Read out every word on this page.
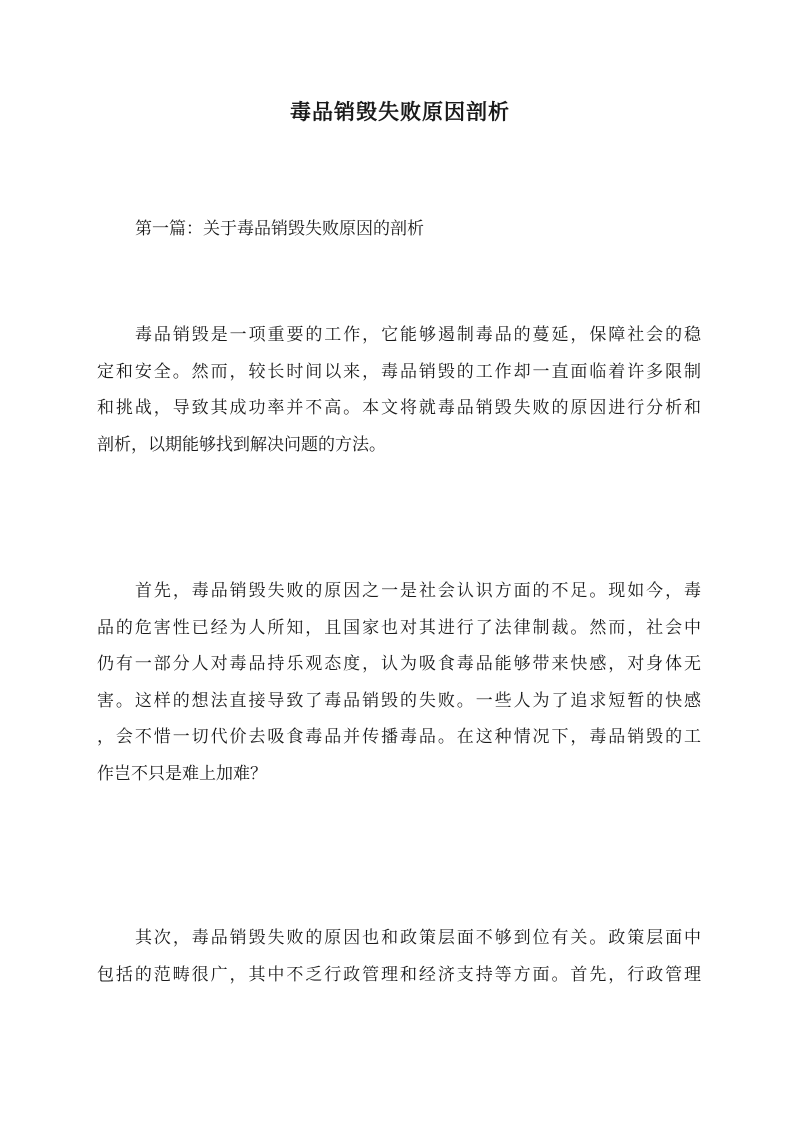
毒品销毁失败原因剖析
第一篇：关于毒品销毁失败原因的剖析
毒品销毁是一项重要的工作，它能够遏制毒品的蔓延，保障社会的稳
定和安全。然而，较长时间以来，毒品销毁的工作却一直面临着许多限制
和挑战，导致其成功率并不高。本文将就毒品销毁失败的原因进行分析和
剖析，以期能够找到解决问题的方法。
首先，毒品销毁失败的原因之一是社会认识方面的不足。现如今，毒
品的危害性已经为人所知，且国家也对其进行了法律制裁。然而，社会中
仍有一部分人对毒品持乐观态度，认为吸食毒品能够带来快感，对身体无
害。这样的想法直接导致了毒品销毁的失败。一些人为了追求短暂的快感
，会不惜一切代价去吸食毒品并传播毒品。在这种情况下，毒品销毁的工
作岂不只是难上加难？
其次，毒品销毁失败的原因也和政策层面不够到位有关。政策层面中
包括的范畴很广，其中不乏行政管理和经济支持等方面。首先，行政管理
